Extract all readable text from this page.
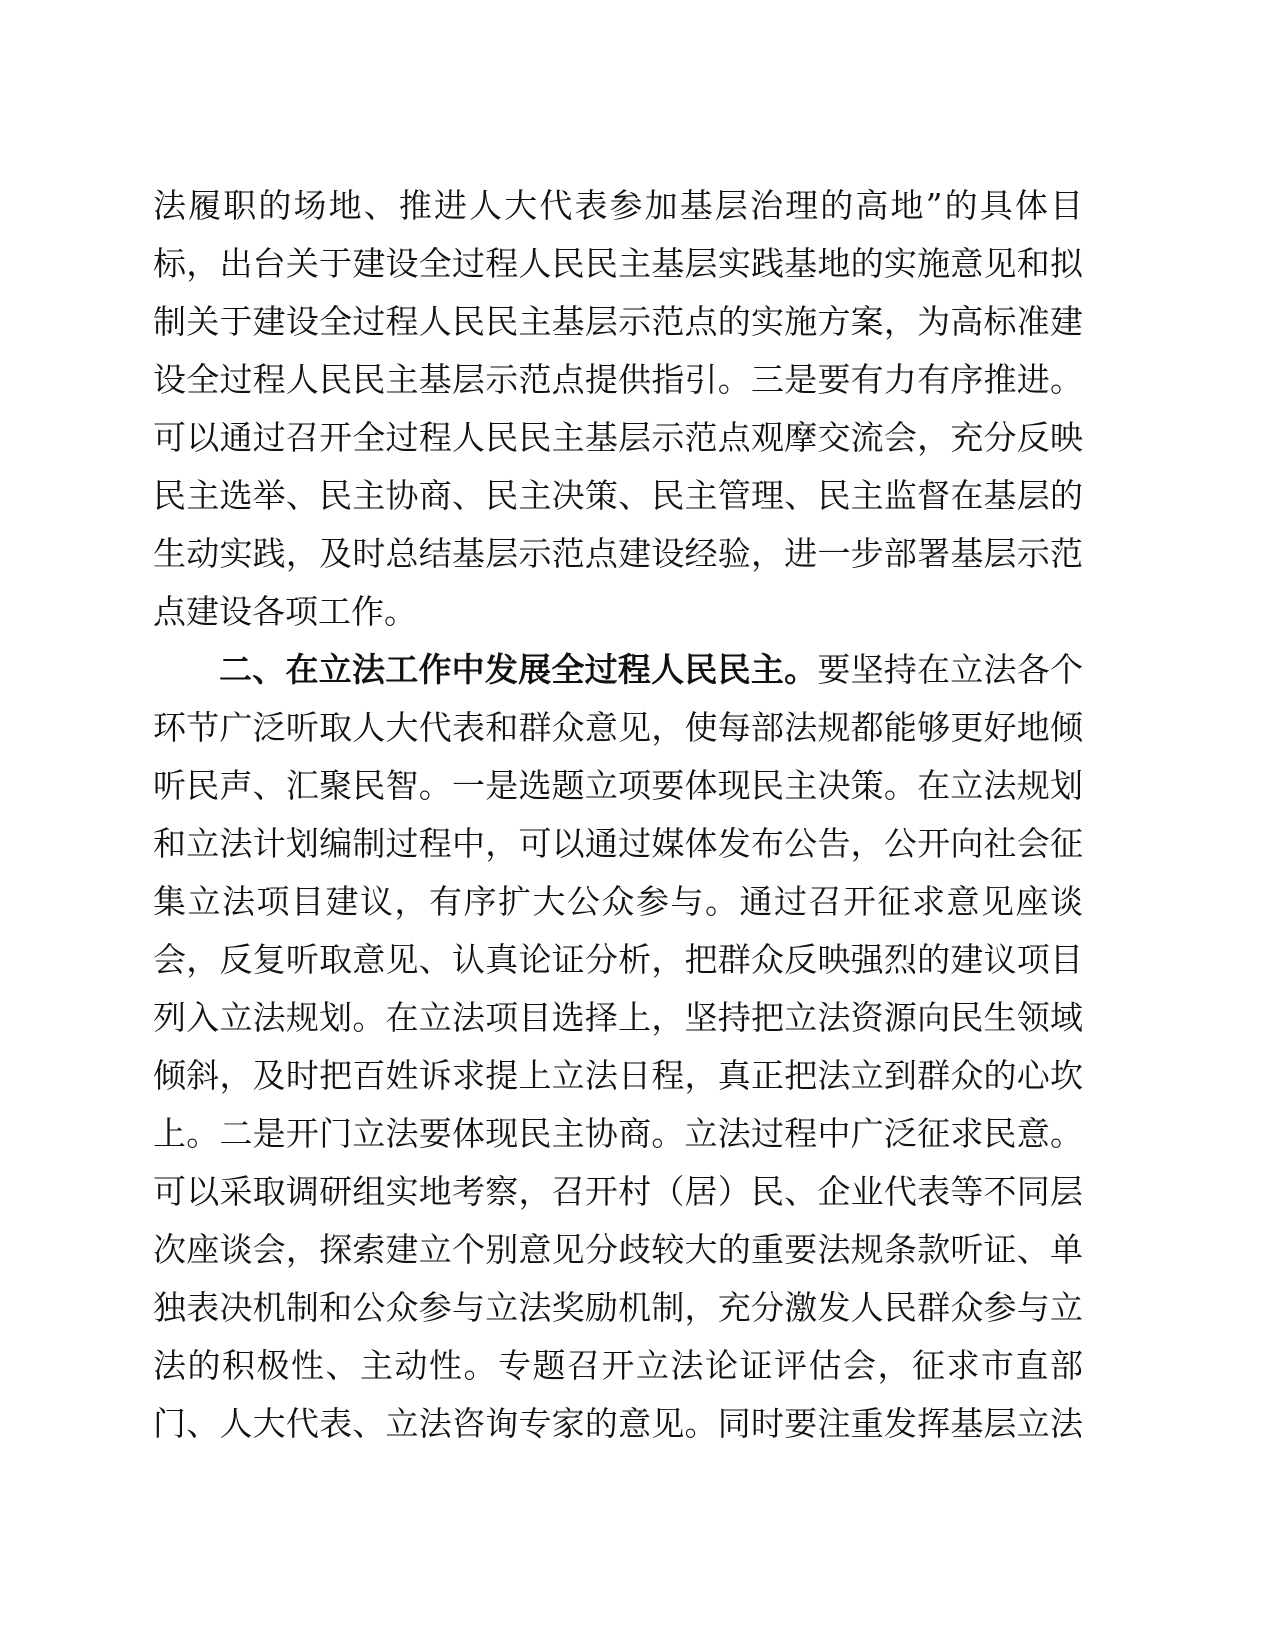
法履职的场地、推进人大代表参加基层治理的高地”的具体目
标，出台关于建设全过程人民民主基层实践基地的实施意见和拟
制关于建设全过程人民民主基层示范点的实施方案，为高标准建
设全过程人民民主基层示范点提供指引。三是要有力有序推进。
可以通过召开全过程人民民主基层示范点观摩交流会，充分反映
民主选举、民主协商、民主决策、民主管理、民主监督在基层的
生动实践，及时总结基层示范点建设经验，进一步部署基层示范
点建设各项工作。
二、在立法工作中发展全过程人民民主。要坚持在立法各个
环节广泛听取人大代表和群众意见，使每部法规都能够更好地倾
听民声、汇聚民智。一是选题立项要体现民主决策。在立法规划
和立法计划编制过程中，可以通过媒体发布公告，公开向社会征
集立法项目建议，有序扩大公众参与。通过召开征求意见座谈
会，反复听取意见、认真论证分析，把群众反映强烈的建议项目
列入立法规划。在立法项目选择上，坚持把立法资源向民生领域
倾斜，及时把百姓诉求提上立法日程，真正把法立到群众的心坎
上。二是开门立法要体现民主协商。立法过程中广泛征求民意。
可以采取调研组实地考察，召开村（居）民、企业代表等不同层
次座谈会，探索建立个别意见分歧较大的重要法规条款听证、单
独表决机制和公众参与立法奖励机制，充分激发人民群众参与立
法的积极性、主动性。专题召开立法论证评估会，征求市直部
门、人大代表、立法咨询专家的意见。同时要注重发挥基层立法
